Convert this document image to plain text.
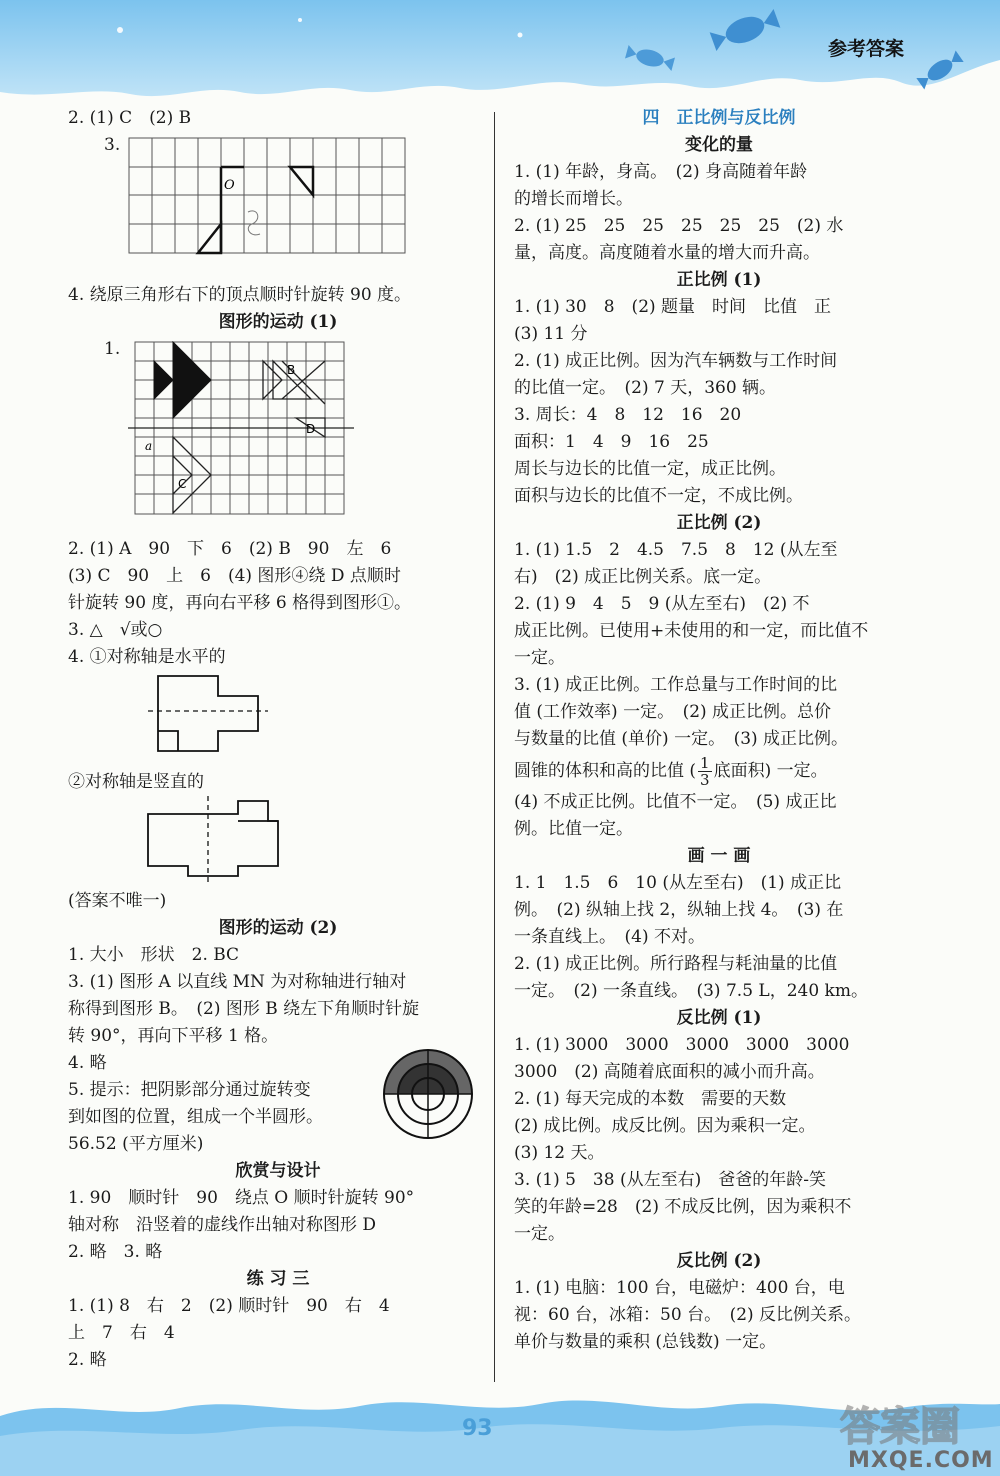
参考答案
93	答案圈
MXQE.COM

2. (1) C　(2) B

3.
O

4. 绕原三角形右下的顶点顺时针旋转 90 度。

图形的运动 (1)

1.
B
D
C
a

2. (1) A　90　下　6　(2) B　90　左　6

(3) C　90　上　6　(4) 图形④绕 D 点顺时

针旋转 90 度，再向右平移 6 格得到图形①。

3. △　√或○

4. ①对称轴是水平的

②对称轴是竖直的

(答案不唯一)

图形的运动 (2)

1. 大小　形状　2. BC

3. (1) 图形 A 以直线 MN 为对称轴进行轴对

称得到图形 B。　(2) 图形 B 绕左下角顺时针旋

转 90°，再向下平移 1 格。

4. 略

5. 提示：把阴影部分通过旋转变

到如图的位置，组成一个半圆形。

56.52 (平方厘米)

欣赏与设计

1. 90　顺时针　90　绕点 O 顺时针旋转 90°

轴对称　沿竖着的虚线作出轴对称图形 D

2. 略　3. 略

练 习 三

1. (1) 8　右　2　(2) 顺时针　90　右　4

上　7　右　4

2. 略

四　正比例与反比例

变化的量

1. (1) 年龄，身高。　(2) 身高随着年龄

的增长而增长。

2. (1) 25　25　25　25　25　25　(2) 水

量，高度。高度随着水量的增大而升高。

正比例 (1)

1. (1) 30　8　(2) 题量　时间　比值　正

(3) 11 分

2. (1) 成正比例。因为汽车辆数与工作时间

的比值一定。　(2) 7 天，360 辆。

3. 周长：4　8　12　16　20

面积：1　4　9　16　25

周长与边长的比值一定，成正比例。

面积与边长的比值不一定，不成比例。

正比例 (2)

1. (1) 1.5　2　4.5　7.5　8　12 (从左至

右)　(2) 成正比例关系。底一定。

2. (1) 9　4　5　9 (从左至右)　(2) 不

成正比例。已使用+未使用的和一定，而比值不

一定。

3. (1) 成正比例。工作总量与工作时间的比

值 (工作效率) 一定。　(2) 成正比例。总价

与数量的比值 (单价) 一定。　(3) 成正比例。

圆锥的体积和高的比值 ( $\frac{1}{3}$ 底面积) 一定。

(4) 不成正比例。比值不一定。　(5) 成正比

例。比值一定。

画 一 画

1. 1　1.5　6　10 (从左至右)　(1) 成正比

例。　(2) 纵轴上找 2，纵轴上找 4。　(3) 在

一条直线上。　(4) 不对。

2. (1) 成正比例。所行路程与耗油量的比值

一定。　(2) 一条直线。　(3) 7.5 L，240 km。

反比例 (1)

1. (1) 3000　3000　3000　3000　3000

3000　(2) 高随着底面积的减小而升高。

2. (1) 每天完成的本数　需要的天数

(2) 成比例。成反比例。因为乘积一定。

(3) 12 天。

3. (1) 5　38 (从左至右)　爸爸的年龄-笑

笑的年龄=28　(2) 不成反比例，因为乘积不

一定。

反比例 (2)

1. (1) 电脑：100 台，电磁炉：400 台，电

视：60 台，冰箱：50 台。　(2) 反比例关系。

单价与数量的乘积 (总钱数) 一定。
